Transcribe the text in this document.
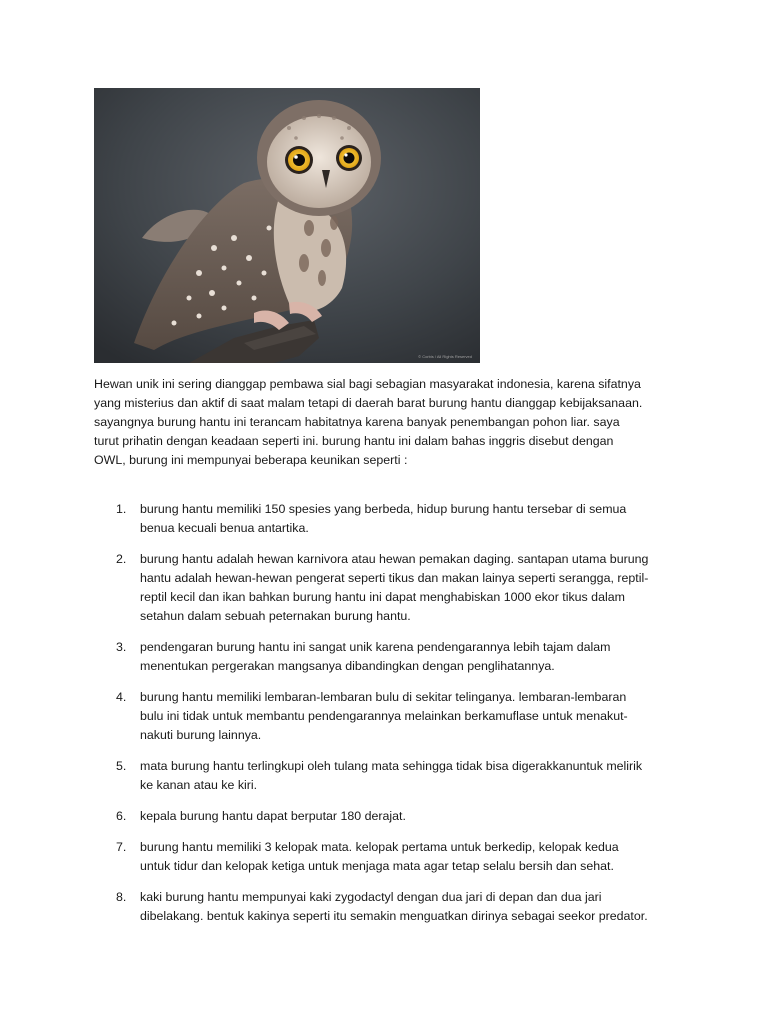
© Corbis / All Rights Reserved

Hewan unik ini sering dianggap pembawa sial bagi sebagian masyarakat indonesia, karena sifatnya
yang misterius dan aktif di saat malam tetapi di daerah barat burung hantu dianggap kebijaksanaan.
sayangnya burung hantu ini terancam habitatnya karena banyak penembangan pohon liar. saya
turut prihatin dengan keadaan seperti ini. burung hantu ini dalam bahas inggris disebut dengan
OWL, burung ini mempunyai beberapa keunikan seperti :

1. burung hantu memiliki 150 spesies yang berbeda, hidup burung hantu tersebar di semua
benua kecuali benua antartika.
2. burung hantu adalah hewan karnivora atau hewan pemakan daging. santapan utama burung
hantu adalah hewan-hewan pengerat seperti tikus dan makan lainya seperti serangga, reptil-
reptil kecil dan ikan bahkan burung hantu ini dapat menghabiskan 1000 ekor tikus dalam
setahun dalam sebuah peternakan burung hantu.
3. pendengaran burung hantu ini sangat unik karena pendengarannya lebih tajam dalam
menentukan pergerakan mangsanya dibandingkan dengan penglihatannya.
4. burung hantu memiliki lembaran-lembaran bulu di sekitar telinganya. lembaran-lembaran
bulu ini tidak untuk membantu pendengarannya melainkan berkamuflase untuk menakut-
nakuti burung lainnya.
5. mata burung hantu terlingkupi oleh tulang mata sehingga tidak bisa digerakkanuntuk melirik
ke kanan atau ke kiri.
6. kepala burung hantu dapat berputar 180 derajat.
7. burung hantu memiliki 3 kelopak mata. kelopak pertama untuk berkedip, kelopak kedua
untuk tidur dan kelopak ketiga untuk menjaga mata agar tetap selalu bersih dan sehat.
8. kaki burung hantu mempunyai kaki zygodactyl dengan dua jari di depan dan dua jari
dibelakang. bentuk kakinya seperti itu semakin menguatkan dirinya sebagai seekor predator.
